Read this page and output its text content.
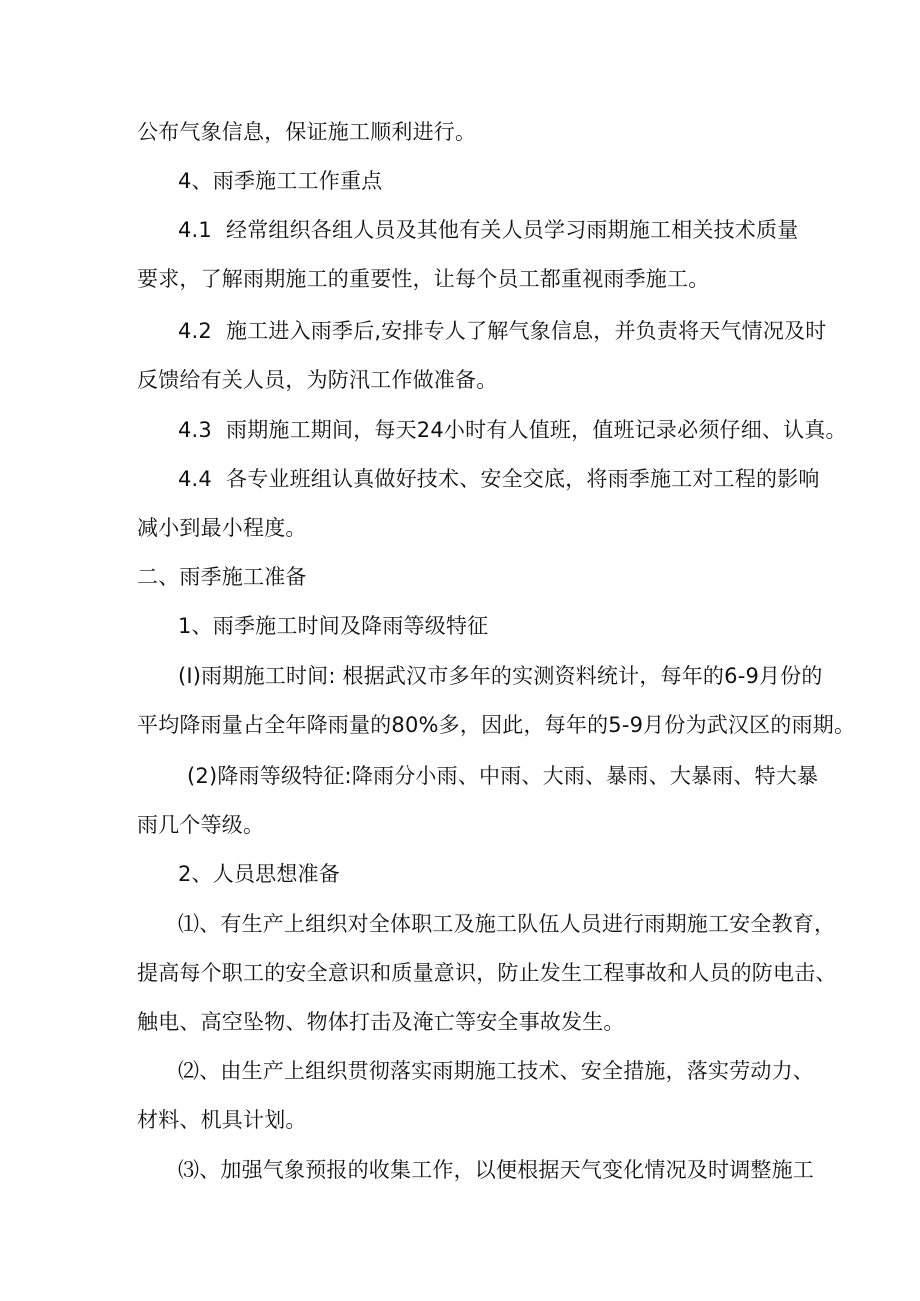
公布气象信息，保证施工顺利进行。
4、雨季施工工作重点
4.1 经常组织各组人员及其他有关人员学习雨期施工相关技术质量
要求，了解雨期施工的重要性，让每个员工都重视雨季施工。
4.2 施工进入雨季后,安排专人了解气象信息，并负责将天气情况及时
反馈给有关人员，为防汛工作做准备。
4.3 雨期施工期间，每天24小时有人值班，值班记录必须仔细、认真。
4.4 各专业班组认真做好技术、安全交底，将雨季施工对工程的影响
减小到最小程度。
二、雨季施工准备
1、雨季施工时间及降雨等级特征
(I)雨期施工时间: 根据武汉市多年的实测资料统计，每年的6-9月份的
平均降雨量占全年降雨量的80%多，因此，每年的5-9月份为武汉区的雨期。
(2)降雨等级特征:降雨分小雨、中雨、大雨、暴雨、大暴雨、特大暴
雨几个等级。
2、人员思想准备
⑴、有生产上组织对全体职工及施工队伍人员进行雨期施工安全教育，
提高每个职工的安全意识和质量意识，防止发生工程事故和人员的防电击、
触电、高空坠物、物体打击及淹亡等安全事故发生。
⑵、由生产上组织贯彻落实雨期施工技术、安全措施，落实劳动力、
材料、机具计划。
⑶、加强气象预报的收集工作，以便根据天气变化情况及时调整施工
